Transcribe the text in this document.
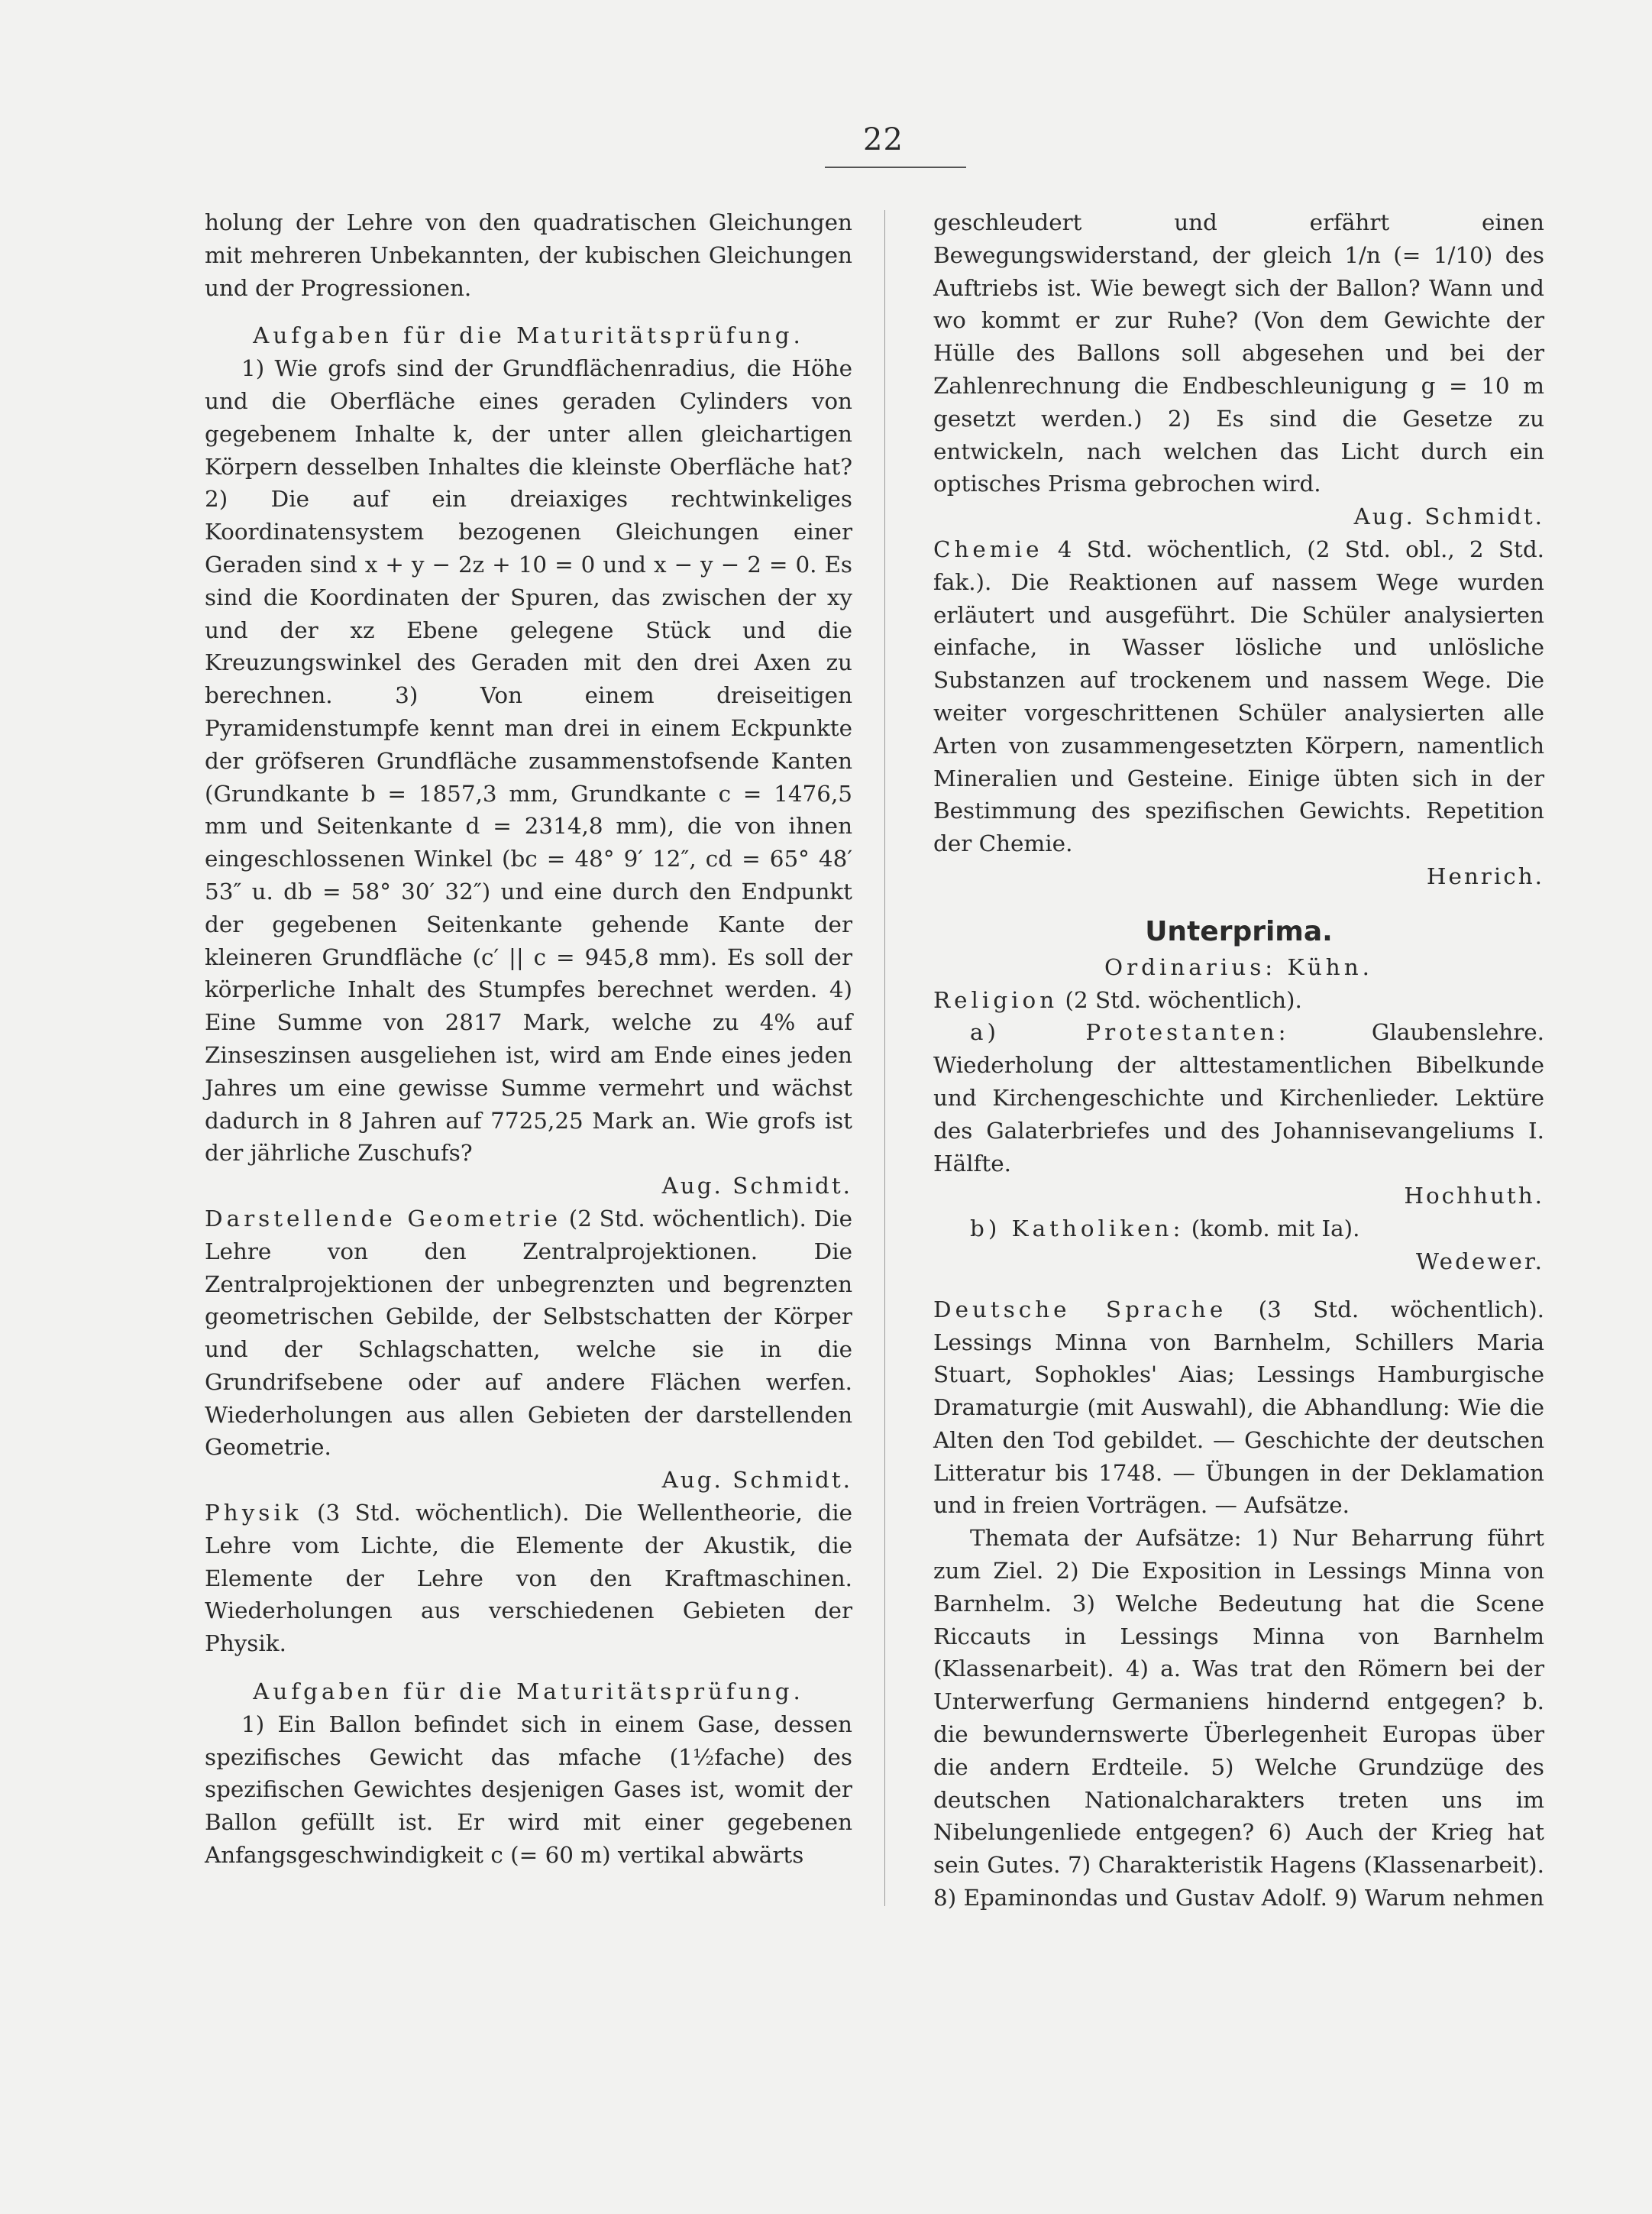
22

holung der Lehre von den quadratischen Gleichungen mit mehreren Unbekannten, der kubischen Gleichungen und der Progressionen.

Aufgaben für die Maturitätsprüfung.

1) Wie grofs sind der Grundflächenradius, die Höhe und die Oberfläche eines geraden Cylinders von gegebenem Inhalte k, der unter allen gleichartigen Körpern desselben Inhaltes die kleinste Oberfläche hat? 2) Die auf ein dreiaxiges rechtwinkeliges Koordinatensystem bezogenen Gleichungen einer Geraden sind x + y − 2z + 10 = 0 und x − y − 2 = 0. Es sind die Koordinaten der Spuren, das zwischen der xy und der xz Ebene gelegene Stück und die Kreuzungswinkel des Geraden mit den drei Axen zu berechnen. 3) Von einem dreiseitigen Pyramidenstumpfe kennt man drei in einem Eckpunkte der gröfseren Grundfläche zusammenstofsende Kanten (Grundkante b = 1857,3 mm, Grundkante c = 1476,5 mm und Seitenkante d = 2314,8 mm), die von ihnen eingeschlossenen Winkel (bc = 48° 9′ 12″, cd = 65° 48′ 53″ u. db = 58° 30′ 32″) und eine durch den Endpunkt der gegebenen Seitenkante gehende Kante der kleineren Grundfläche (c′ || c = 945,8 mm). Es soll der körperliche Inhalt des Stumpfes berechnet werden. 4) Eine Summe von 2817 Mark, welche zu 4% auf Zinseszinsen ausgeliehen ist, wird am Ende eines jeden Jahres um eine gewisse Summe vermehrt und wächst dadurch in 8 Jahren auf 7725,25 Mark an. Wie grofs ist der jährliche Zuschufs?

Aug. Schmidt.

Darstellende Geometrie (2 Std. wöchentlich). Die Lehre von den Zentralprojektionen. Die Zentralprojektionen der unbegrenzten und begrenzten geometrischen Gebilde, der Selbstschatten der Körper und der Schlagschatten, welche sie in die Grundrifsebene oder auf andere Flächen werfen. Wiederholungen aus allen Gebieten der darstellenden Geometrie.

Aug. Schmidt.

Physik (3 Std. wöchentlich). Die Wellentheorie, die Lehre vom Lichte, die Elemente der Akustik, die Elemente der Lehre von den Kraftmaschinen. Wiederholungen aus verschiedenen Gebieten der Physik.

Aufgaben für die Maturitätsprüfung.

1) Ein Ballon befindet sich in einem Gase, dessen spezifisches Gewicht das mfache (1½fache) des spezifischen Gewichtes desjenigen Gases ist, womit der Ballon gefüllt ist. Er wird mit einer gegebenen Anfangsgeschwindigkeit c (= 60 m) vertikal abwärts

geschleudert und erfährt einen Bewegungswiderstand, der gleich 1/n (= 1/10) des Auftriebs ist. Wie bewegt sich der Ballon? Wann und wo kommt er zur Ruhe? (Von dem Gewichte der Hülle des Ballons soll abgesehen und bei der Zahlenrechnung die Endbeschleunigung g = 10 m gesetzt werden.) 2) Es sind die Gesetze zu entwickeln, nach welchen das Licht durch ein optisches Prisma gebrochen wird.

Aug. Schmidt.

Chemie 4 Std. wöchentlich, (2 Std. obl., 2 Std. fak.). Die Reaktionen auf nassem Wege wurden erläutert und ausgeführt. Die Schüler analysierten einfache, in Wasser lösliche und unlösliche Substanzen auf trockenem und nassem Wege. Die weiter vorgeschrittenen Schüler analysierten alle Arten von zusammengesetzten Körpern, namentlich Mineralien und Gesteine. Einige übten sich in der Bestimmung des spezifischen Gewichts. Repetition der Chemie.

Henrich.

Unterprima.

Ordinarius: Kühn.

Religion (2 Std. wöchentlich).

a) Protestanten: Glaubenslehre. Wiederholung der alttestamentlichen Bibelkunde und Kirchengeschichte und Kirchenlieder. Lektüre des Galaterbriefes und des Johannisevangeliums I. Hälfte.

Hochhuth.

b) Katholiken: (komb. mit Ia).

Wedewer.

Deutsche Sprache (3 Std. wöchentlich). Lessings Minna von Barnhelm, Schillers Maria Stuart, Sophokles' Aias; Lessings Hamburgische Dramaturgie (mit Auswahl), die Abhandlung: Wie die Alten den Tod gebildet. — Geschichte der deutschen Litteratur bis 1748. — Übungen in der Deklamation und in freien Vorträgen. — Aufsätze.

Themata der Aufsätze: 1) Nur Beharrung führt zum Ziel. 2) Die Exposition in Lessings Minna von Barnhelm. 3) Welche Bedeutung hat die Scene Riccauts in Lessings Minna von Barnhelm (Klassenarbeit). 4) a. Was trat den Römern bei der Unterwerfung Germaniens hindernd entgegen? b. die bewundernswerte Überlegenheit Europas über die andern Erdteile. 5) Welche Grundzüge des deutschen Nationalcharakters treten uns im Nibelungenliede entgegen? 6) Auch der Krieg hat sein Gutes. 7) Charakteristik Hagens (Klassenarbeit). 8) Epaminondas und Gustav Adolf. 9) Warum nehmen
